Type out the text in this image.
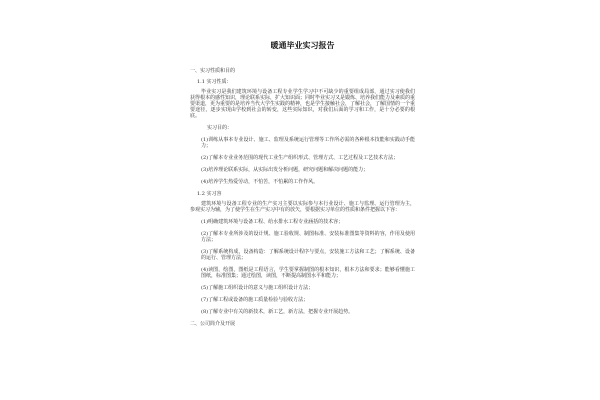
暖通毕业实习报告
一、实习性质和目的
1.1 实习性质：
毕业实习是我们建筑环境与设备工程专业学生学习中不可缺少的重要组成局部，通过实习使我们获得根本的感性知识，理论联系实际，扩大知识面；同时毕业实习又是锻炼、培养我们能力及素质的重要渠道，更为重要的是培养当代大学生实践的精神，也是学生接触社会，了解社会，了解国情的一个重要途径，逐步实现由学校到社会的转变，这些实际知识，对我们后面的学习和工作，是十分必要的根底。
实习目的：
(1)训练从事本专业设计、施工、监理及系统运行管理等工作所必需的各种根本技能和实践动手能力；
(2)了解本专业业务范围的现代工业生产组织形式、管理方式、工艺过程及工艺技术方法；
(3)培养理论联系实际，从实际出发分析问题，研究问题和解决问题的能力；
(4)培养学生热爱劳动，不怕苦，不怕累的工作作风。
1.2 实习容
建筑环境与设备工程专业的生产实习主要以实际参与本行业设计、施工与监理、运行管理为主，参观实习为辅，为了使学生在生产实习中有的放矢，要根据实习单位的性质和条件把握以下容：
(1)明确建筑环境与设备工程、给水排水工程专业涵括的技术容；
(2)了解本专业所涉及的设计规、施工验收规、制图标准、安装标准图集等资料的容，作用及使用方法；
(3)了解系统构成，设备构造：了解系统设计程序与要点，安装施工方法和工艺；了解系统、设备的运行、管理方法；
(4)读图，绘图，图纸是工程语言，学生要掌握制图的根本知识，根本方法和要求；能够看懂施工图纸，标准图集；通过绘图，读图，不断提高制图水平和能力；
(5)了解施工组织设计的意义与施工组织设计方法；
(7)了解工程或设备的施工质量检验与验收方法；
(8)了解专业中有关的新技术，新工艺，新方法，把握专业开展趋势。
二、公司简介及开展
